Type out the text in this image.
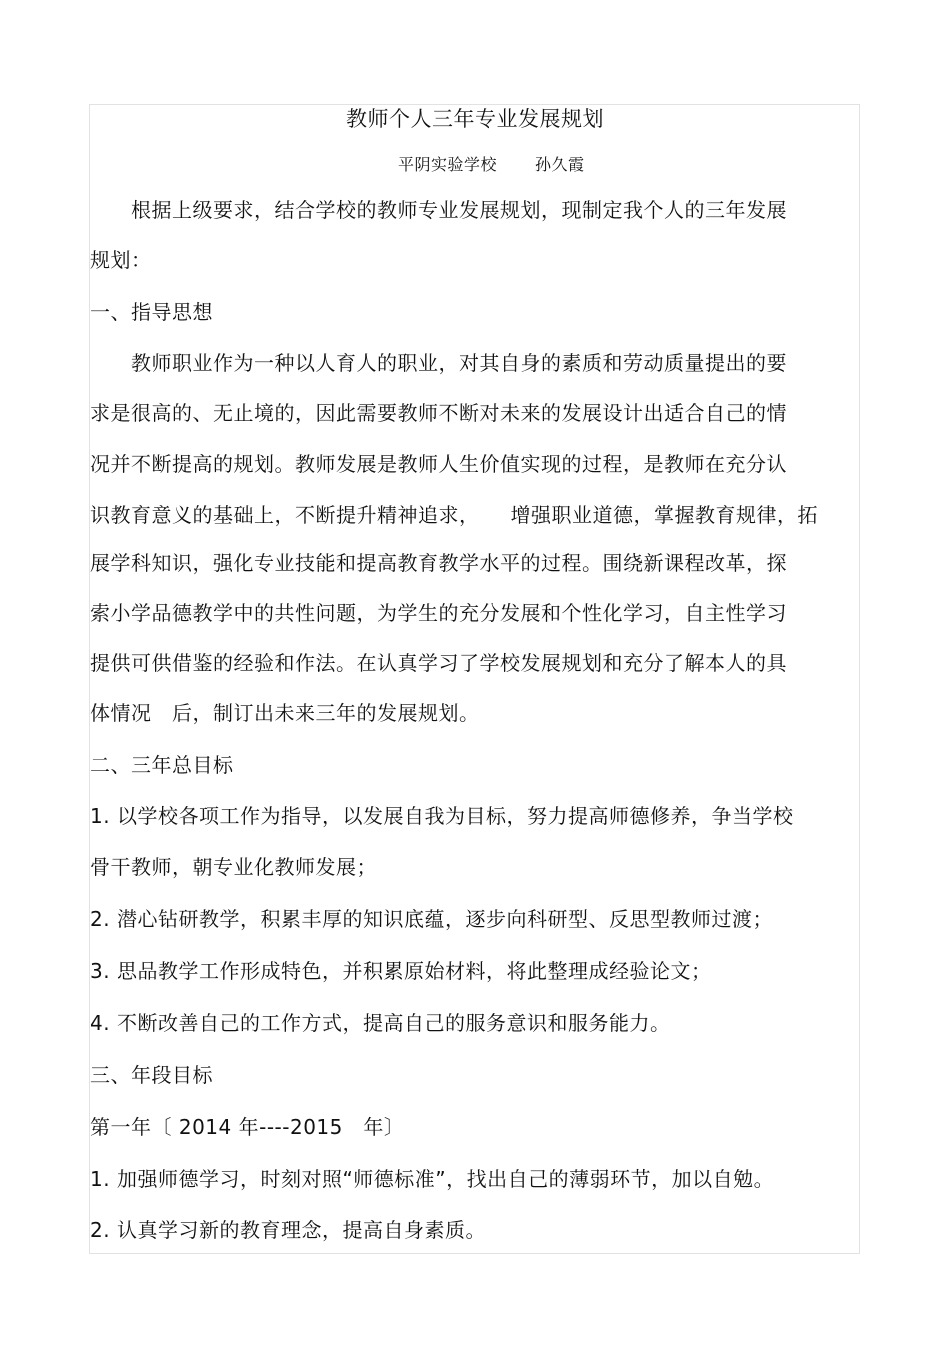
教师个人三年专业发展规划
平阴实验学校 孙久霞
　　根据上级要求，结合学校的教师专业发展规划，现制定我个人的三年发展
规划：
一、指导思想
　　教师职业作为一种以人育人的职业，对其自身的素质和劳动质量提出的要
求是很高的、无止境的，因此需要教师不断对未来的发展设计出适合自己的情
况并不断提高的规划。教师发展是教师人生价值实现的过程，是教师在充分认
识教育意义的基础上，不断提升精神追求，　　增强职业道德，掌握教育规律，拓
展学科知识，强化专业技能和提高教育教学水平的过程。围绕新课程改革，探
索小学品德教学中的共性问题，为学生的充分发展和个性化学习，自主性学习
提供可供借鉴的经验和作法。在认真学习了学校发展规划和充分了解本人的具
体情况　后，制订出未来三年的发展规划。
二、三年总目标
1. 以学校各项工作为指导，以发展自我为目标，努力提高师德修养，争当学校
骨干教师，朝专业化教师发展；
2. 潜心钻研教学，积累丰厚的知识底蕴，逐步向科研型、反思型教师过渡；
3. 思品教学工作形成特色，并积累原始材料，将此整理成经验论文；
4. 不断改善自己的工作方式，提高自己的服务意识和服务能力。
三、年段目标
第一年〔 2014 年----2015　年〕
1. 加强师德学习，时刻对照“师德标准”，找出自己的薄弱环节，加以自勉。
2. 认真学习新的教育理念，提高自身素质。
